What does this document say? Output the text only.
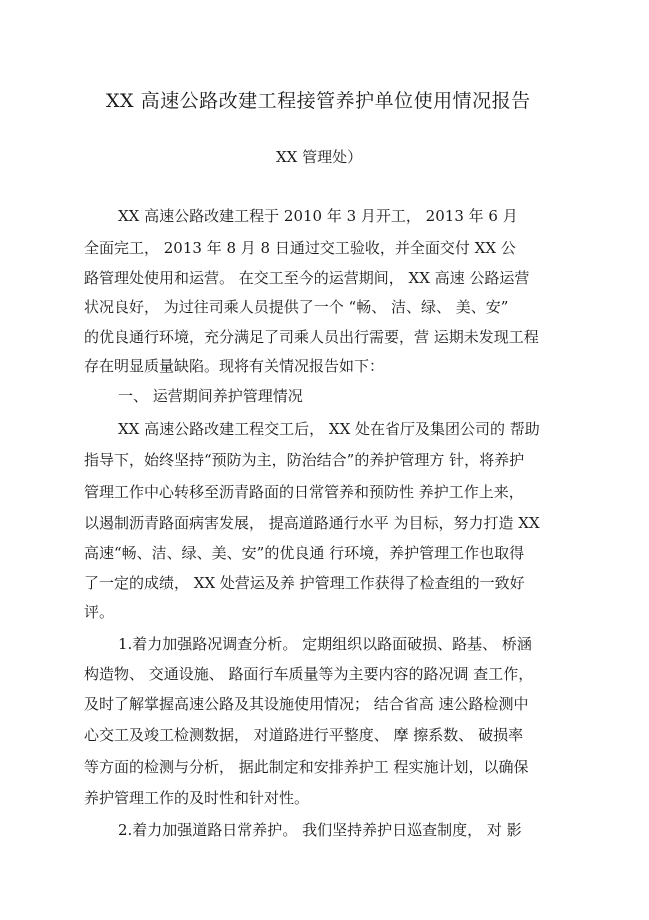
XX 高速公路改建工程接管养护单位使用情况报告
XX 管理处）
XX 高速公路改建工程于 2010 年 3 月开工， 2013 年 6 月
全面完工， 2013 年 8 月 8 日通过交工验收，并全面交付 XX 公
路管理处使用和运营。 在交工至今的运营期间， XX 高速 公路运营
状况良好， 为过往司乘人员提供了一个 “畅、 洁、绿、 美、安”
的优良通行环境，充分满足了司乘人员出行需要，营 运期未发现工程
存在明显质量缺陷。现将有关情况报告如下：
一、 运营期间养护管理情况
XX 高速公路改建工程交工后， XX 处在省厅及集团公司的 帮助
指导下，始终坚持“预防为主，防治结合”的养护管理方 针，将养护
管理工作中心转移至沥青路面的日常管养和预防性 养护工作上来，
以遏制沥青路面病害发展， 提高道路通行水平 为目标，努力打造 XX
高速“畅、洁、绿、美、安”的优良通 行环境，养护管理工作也取得
了一定的成绩， XX 处营运及养 护管理工作获得了检查组的一致好
评。
1.着力加强路况调查分析。 定期组织以路面破损、路基、 桥涵
构造物、 交通设施、 路面行车质量等为主要内容的路况调 查工作，
及时了解掌握高速公路及其设施使用情况； 结合省高 速公路检测中
心交工及竣工检测数据， 对道路进行平整度、 摩 擦系数、 破损率
等方面的检测与分析， 据此制定和安排养护工 程实施计划，以确保
养护管理工作的及时性和针对性。
2.着力加强道路日常养护。 我们坚持养护日巡查制度， 对 影
